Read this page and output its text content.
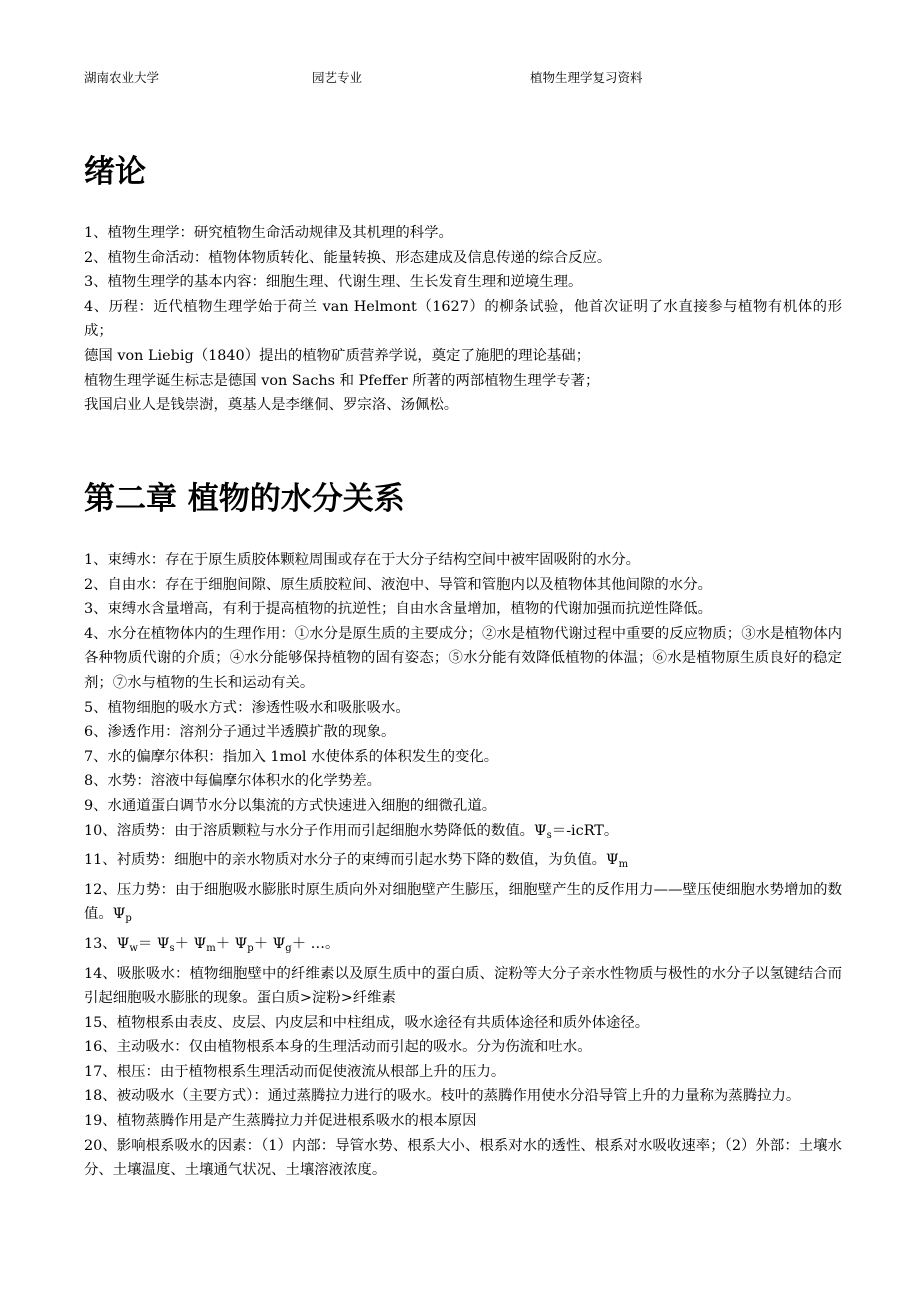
湖南农业大学	园艺专业	植物生理学复习资料
绪论

1、植物生理学：研究植物生命活动规律及其机理的科学。

2、植物生命活动：植物体物质转化、能量转换、形态建成及信息传递的综合反应。

3、植物生理学的基本内容：细胞生理、代谢生理、生长发育生理和逆境生理。

4、历程：近代植物生理学始于荷兰 van Helmont（1627）的柳条试验，他首次证明了水直接参与植物有机体的形成；

德国 von Liebig（1840）提出的植物矿质营养学说，奠定了施肥的理论基础；

植物生理学诞生标志是德国 von Sachs 和 Pfeffer 所著的两部植物生理学专著；

我国启业人是钱崇澍，奠基人是李继侗、罗宗洛、汤佩松。

第二章 植物的水分关系

1、束缚水：存在于原生质胶体颗粒周围或存在于大分子结构空间中被牢固吸附的水分。

2、自由水：存在于细胞间隙、原生质胶粒间、液泡中、导管和管胞内以及植物体其他间隙的水分。

3、束缚水含量增高，有利于提高植物的抗逆性；自由水含量增加，植物的代谢加强而抗逆性降低。

4、水分在植物体内的生理作用：①水分是原生质的主要成分；②水是植物代谢过程中重要的反应物质；③水是植物体内各种物质代谢的介质；④水分能够保持植物的固有姿态；⑤水分能有效降低植物的体温；⑥水是植物原生质良好的稳定剂；⑦水与植物的生长和运动有关。

5、植物细胞的吸水方式：渗透性吸水和吸胀吸水。

6、渗透作用：溶剂分子通过半透膜扩散的现象。

7、水的偏摩尔体积：指加入 1mol 水使体系的体积发生的变化。

8、水势：溶液中每偏摩尔体积水的化学势差。

9、水通道蛋白调节水分以集流的方式快速进入细胞的细微孔道。

10、溶质势：由于溶质颗粒与水分子作用而引起细胞水势降低的数值。$\Psi_s=$-icRT。

11、衬质势：细胞中的亲水物质对水分子的束缚而引起水势下降的数值，为负值。$\Psi_m$

12、压力势：由于细胞吸水膨胀时原生质向外对细胞壁产生膨压，细胞壁产生的反作用力——壁压使细胞水势增加的数值。$\Psi_p$

13、$\Psi_w= \Psi_s+ \Psi_m+ \Psi_p+ \Psi_g+$ …。

14、吸胀吸水：植物细胞壁中的纤维素以及原生质中的蛋白质、淀粉等大分子亲水性物质与极性的水分子以氢键结合而引起细胞吸水膨胀的现象。蛋白质>淀粉>纤维素

15、植物根系由表皮、皮层、内皮层和中柱组成，吸水途径有共质体途径和质外体途径。

16、主动吸水：仅由植物根系本身的生理活动而引起的吸水。分为伤流和吐水。

17、根压：由于植物根系生理活动而促使液流从根部上升的压力。

18、被动吸水（主要方式）：通过蒸腾拉力进行的吸水。枝叶的蒸腾作用使水分沿导管上升的力量称为蒸腾拉力。

19、植物蒸腾作用是产生蒸腾拉力并促进根系吸水的根本原因

20、影响根系吸水的因素：（1）内部：导管水势、根系大小、根系对水的透性、根系对水吸收速率；（2）外部：土壤水分、土壤温度、土壤通气状况、土壤溶液浓度。
